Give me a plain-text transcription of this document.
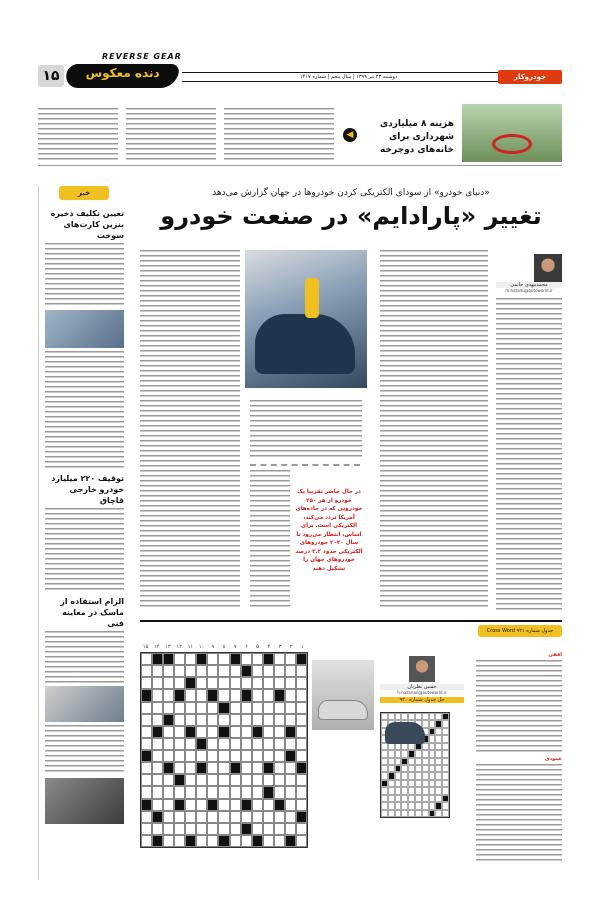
REVERSE GEAR
۱۵	دنده معکوس	دوشنبه ۲۳ تیر ۱۳۹۹ | سال پنجم | شماره ۱۴۱۷	خودروکار
هزینه ۸ میلیاردی شهرداری برای خانه‌های دوچرخه
◀
خبر
تعیین تکلیف ذخیره بنزین کارت‌های سوخت
توقیف ۲۲۰ میلیارد خودرو خارجی قاچاق
الزام استفاده از ماسک در معاینه فنی
«دنیای خودرو» از سودای الکتریکی کردن خودروها در جهان گزارش می‌دهد
تغییر «پارادایم» در صنعت خودرو
محمدمهدی حاتمی
m.hatami@autoworld.ir
در حال حاضر تقریبا یک خودرو از هر ۲۵۰ خودرویی که در جاده‌های آمریکا تردد می‌کند، الکتریکی است. برای اساس، انتظار می‌رود تا سال ۲۰۳۰ خودروهای الکتریکی حدود ۳.۲ درصد خودروهای جهان را تشکیل دهند
جدول شماره ۹۲۱ Cross Word
۱۵	۱۴	۱۳	۱۲	۱۱	۱۰	۹	۸	۷	۶	۵	۴	۳	۲	۱
حسین نظریان
h.nazarian@autoworld.ir
حل جدول شماره ۹۲۰
افقی
عمودی
